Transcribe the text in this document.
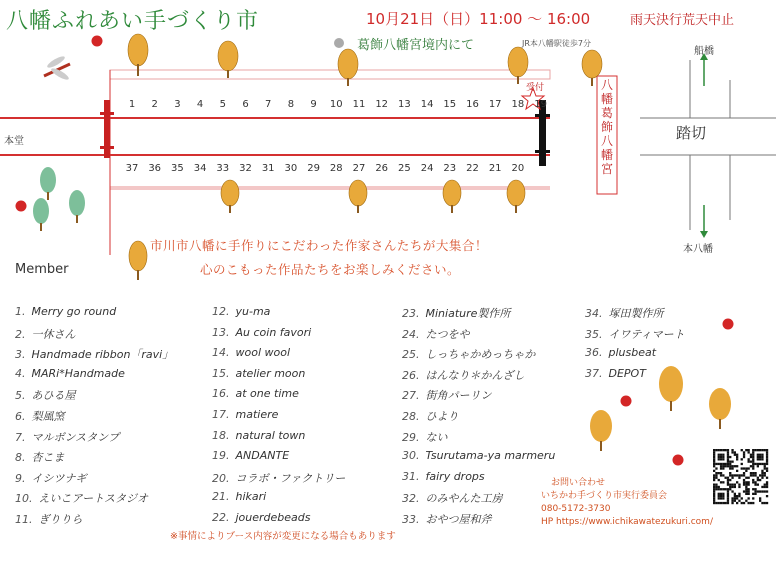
八幡ふれあい手づくり市	10月21日（日）11:00 〜 16:00	雨天決行荒天中止
葛飾八幡宮境内にて	JR本八幡駅徒歩7分
1	2	3	4	5	6	7	8	9	10 11 12 13 14 15 16 17 18 19
37 36 35 34 33 32 31 30 29 28 27 26 25 24 23 22 21 20
本堂
八幡葛飾八幡宮
踏切
船橋
本八幡
受付
市川市八幡に手作りにこだわった作家さんたちが大集合！
心のこもった作品たちをお楽しみください。
Member
1. Merry go round
2. 一休さん
3. Handmade ribbon「ravi」
4. MARi*Handmade
5. あひる屋
6. 梨風窯
7. マルボンスタンプ
8. 杏こま
9. イシツナギ
10. えいこアートスタジオ
11. ぎりりら
12. yu-ma
13. Au coin favori
14. wool wool
15. atelier moon
16. at one time
17. matiere
18. natural town
19. ANDANTE
20. コラボ・ファクトリー
21. hikari
22. jouerdebeads
23. Miniature製作所
24. たつをや
25. しっちゃかめっちゃか
26. はんなり＊かんざし
27. 街角パーリン
28. ひより
29. ない
30. Tsurutama-ya marmeru
31. fairy drops
32. のみやんた工房
33. おやつ屋和斧
34. 塚田製作所
35. イワティマート
36. plusbeat
37. DEPOT
お問い合わせ
いちかわ手づくり市実行委員会
080-5172-3730
HP https://www.ichikawatezukuri.com/
※事情によりブース内容が変更になる場合もあります
